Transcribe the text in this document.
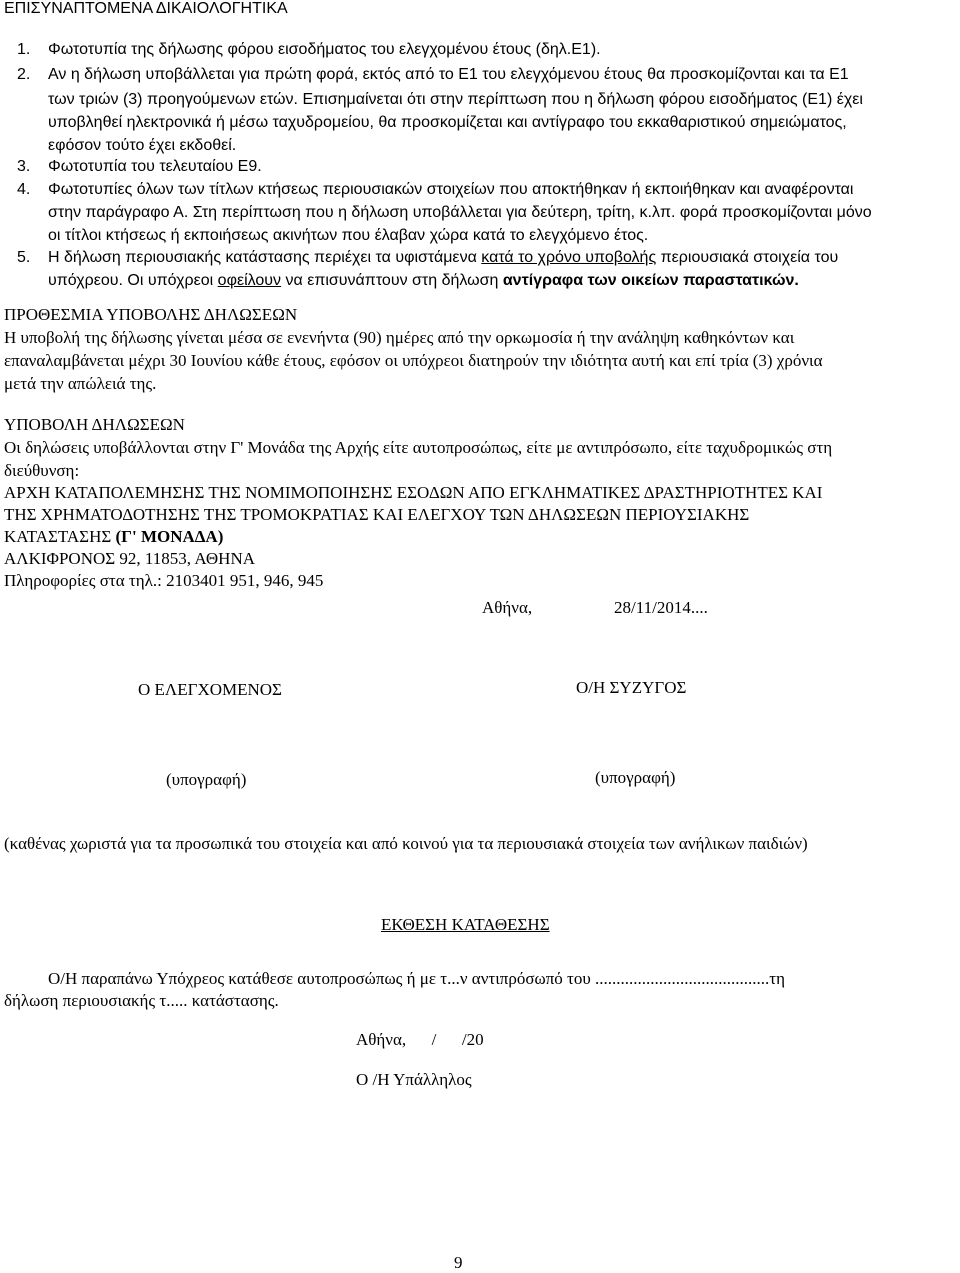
ΕΠΙΣΥΝΑΠΤΟΜΕΝΑ ΔΙΚΑΙΟΛΟΓΗΤΙΚΑ
1. Φωτοτυπία της δήλωσης φόρου εισοδήματος του ελεγχομένου έτους (δηλ.Ε1).
2. Αν η δήλωση υποβάλλεται για πρώτη φορά, εκτός από το Ε1 του ελεγχόμενου έτους θα προσκομίζονται και τα Ε1
των τριών (3) προηγούμενων ετών. Επισημαίνεται ότι στην περίπτωση που η δήλωση φόρου εισοδήματος (Ε1) έχει
υποβληθεί ηλεκτρονικά ή μέσω ταχυδρομείου, θα προσκομίζεται και αντίγραφο του εκκαθαριστικού σημειώματος,
εφόσον τούτο έχει εκδοθεί.
3. Φωτοτυπία του τελευταίου Ε9.
4. Φωτοτυπίες όλων των τίτλων κτήσεως περιουσιακών στοιχείων που αποκτήθηκαν ή εκποιήθηκαν και αναφέρονται
στην παράγραφο Α. Στη περίπτωση που η δήλωση υποβάλλεται για δεύτερη, τρίτη, κ.λπ. φορά προσκομίζονται μόνο
οι τίτλοι κτήσεως ή εκποιήσεως ακινήτων που έλαβαν χώρα κατά το ελεγχόμενο έτος.
5. Η δήλωση περιουσιακής κατάστασης περιέχει τα υφιστάμενα κατά το χρόνο υποβολής περιουσιακά στοιχεία του
υπόχρεου. Οι υπόχρεοι οφείλουν να επισυνάπτουν στη δήλωση αντίγραφα των οικείων παραστατικών.
ΠΡΟΘΕΣΜΙΑ ΥΠΟΒΟΛΗΣ ΔΗΛΩΣΕΩΝ
Η υποβολή της δήλωσης γίνεται μέσα σε ενενήντα (90) ημέρες από την ορκωμοσία ή την ανάληψη καθηκόντων και
επαναλαμβάνεται μέχρι 30 Ιουνίου κάθε έτους, εφόσον οι υπόχρεοι διατηρούν την ιδιότητα αυτή και επί τρία (3) χρόνια
μετά την απώλειά της.
ΥΠΟΒΟΛΗ ΔΗΛΩΣΕΩΝ
Οι δηλώσεις υποβάλλονται στην Γ' Μονάδα της Αρχής είτε αυτοπροσώπως, είτε με αντιπρόσωπο, είτε ταχυδρομικώς στη
διεύθυνση:
ΑΡΧΗ ΚΑΤΑΠΟΛΕΜΗΣΗΣ ΤΗΣ ΝΟΜΙΜΟΠΟΙΗΣΗΣ ΕΣΟΔΩΝ ΑΠΟ ΕΓΚΛΗΜΑΤΙΚΕΣ ΔΡΑΣΤΗΡΙΟΤΗΤΕΣ ΚΑΙ
ΤΗΣ ΧΡΗΜΑΤΟΔΟΤΗΣΗΣ ΤΗΣ ΤΡΟΜΟΚΡΑΤΙΑΣ ΚΑΙ ΕΛΕΓΧΟΥ ΤΩΝ ΔΗΛΩΣΕΩΝ ΠΕΡΙΟΥΣΙΑΚΗΣ
ΚΑΤΑΣΤΑΣΗΣ (Γ' ΜΟΝΑΔΑ)
ΑΛΚΙΦΡΟΝΟΣ 92, 11853, ΑΘΗΝΑ
Πληροφορίες στα τηλ.: 2103401 951, 946, 945
Αθήνα,	28/11/2014....
Ο ΕΛΕΓΧΟΜΕΝΟΣ	Ο/Η ΣΥΖΥΓΟΣ
(υπογραφή)	(υπογραφή)
(καθένας χωριστά για τα προσωπικά του στοιχεία και από κοινού για τα περιουσιακά στοιχεία των ανήλικων παιδιών)
ΕΚΘΕΣΗ ΚΑΤΑΘΕΣΗΣ
Ο/Η παραπάνω Υπόχρεος κατάθεσε αυτοπροσώπως ή με τ...ν αντιπρόσωπό του .........................................τη
δήλωση περιουσιακής τ..... κατάστασης.
Αθήνα,      /      /20
Ο /Η Υπάλληλος
9
